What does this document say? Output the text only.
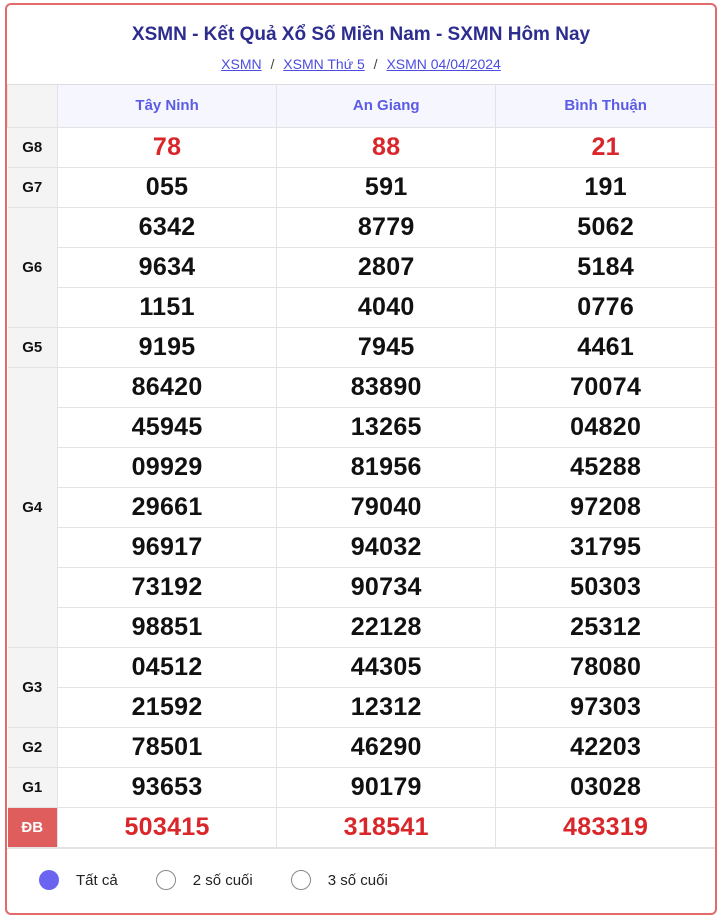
XSMN - Kết Quả Xổ Số Miền Nam - SXMN Hôm Nay
XSMN / XSMN Thứ 5 / XSMN 04/04/2024
	Tây Ninh	An Giang	Bình Thuận
G8	78	88	21
G7	055	591	191
G6	6342	8779	5062
	9634	2807	5184
	1151	4040	0776
G5	9195	7945	4461
G4	86420	83890	70074
	45945	13265	04820
	09929	81956	45288
	29661	79040	97208
	96917	94032	31795
	73192	90734	50303
	98851	22128	25312
G3	04512	44305	78080
	21592	12312	97303
G2	78501	46290	42203
G1	93653	90179	03028
ĐB	503415	318541	483319
Tất cả	2 số cuối	3 số cuối
